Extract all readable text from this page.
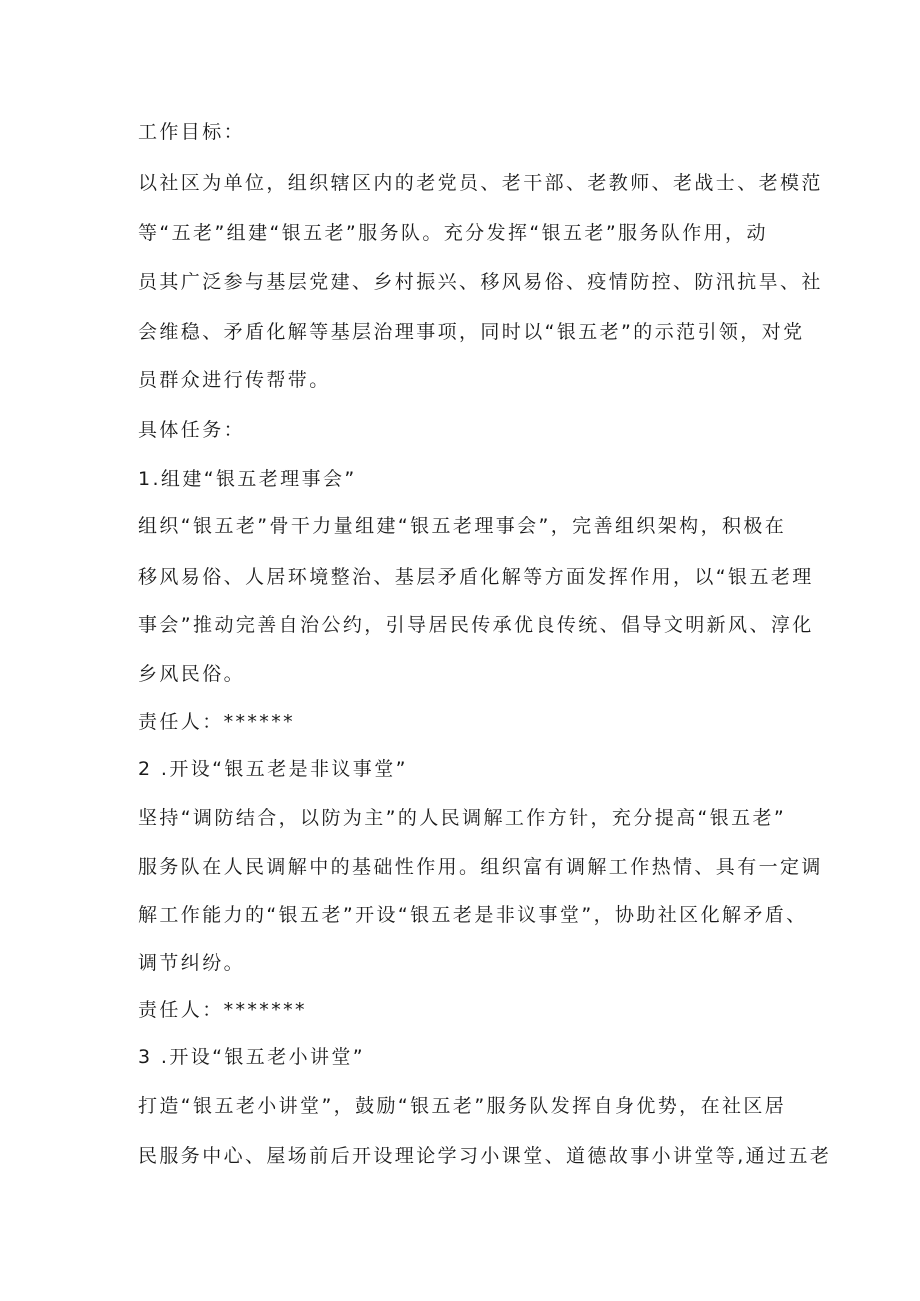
工作目标：
以社区为单位，组织辖区内的老党员、老干部、老教师、老战士、老模范
等“五老”组建“银五老”服务队。充分发挥“银五老”服务队作用，动
员其广泛参与基层党建、乡村振兴、移风易俗、疫情防控、防汛抗旱、社
会维稳、矛盾化解等基层治理事项，同时以“银五老”的示范引领，对党
员群众进行传帮带。
具体任务：
1.组建“银五老理事会”
组织“银五老”骨干力量组建“银五老理事会”，完善组织架构，积极在
移风易俗、人居环境整治、基层矛盾化解等方面发挥作用，以“银五老理
事会”推动完善自治公约，引导居民传承优良传统、倡导文明新风、淳化
乡风民俗。
责任人：******
2 .开设“银五老是非议事堂”
坚持“调防结合，以防为主”的人民调解工作方针，充分提高“银五老”
服务队在人民调解中的基础性作用。组织富有调解工作热情、具有一定调
解工作能力的“银五老”开设“银五老是非议事堂”，协助社区化解矛盾、
调节纠纷。
责任人：*******
3 .开设“银五老小讲堂”
打造“银五老小讲堂”，鼓励“银五老”服务队发挥自身优势，在社区居
民服务中心、屋场前后开设理论学习小课堂、道德故事小讲堂等,通过五老
